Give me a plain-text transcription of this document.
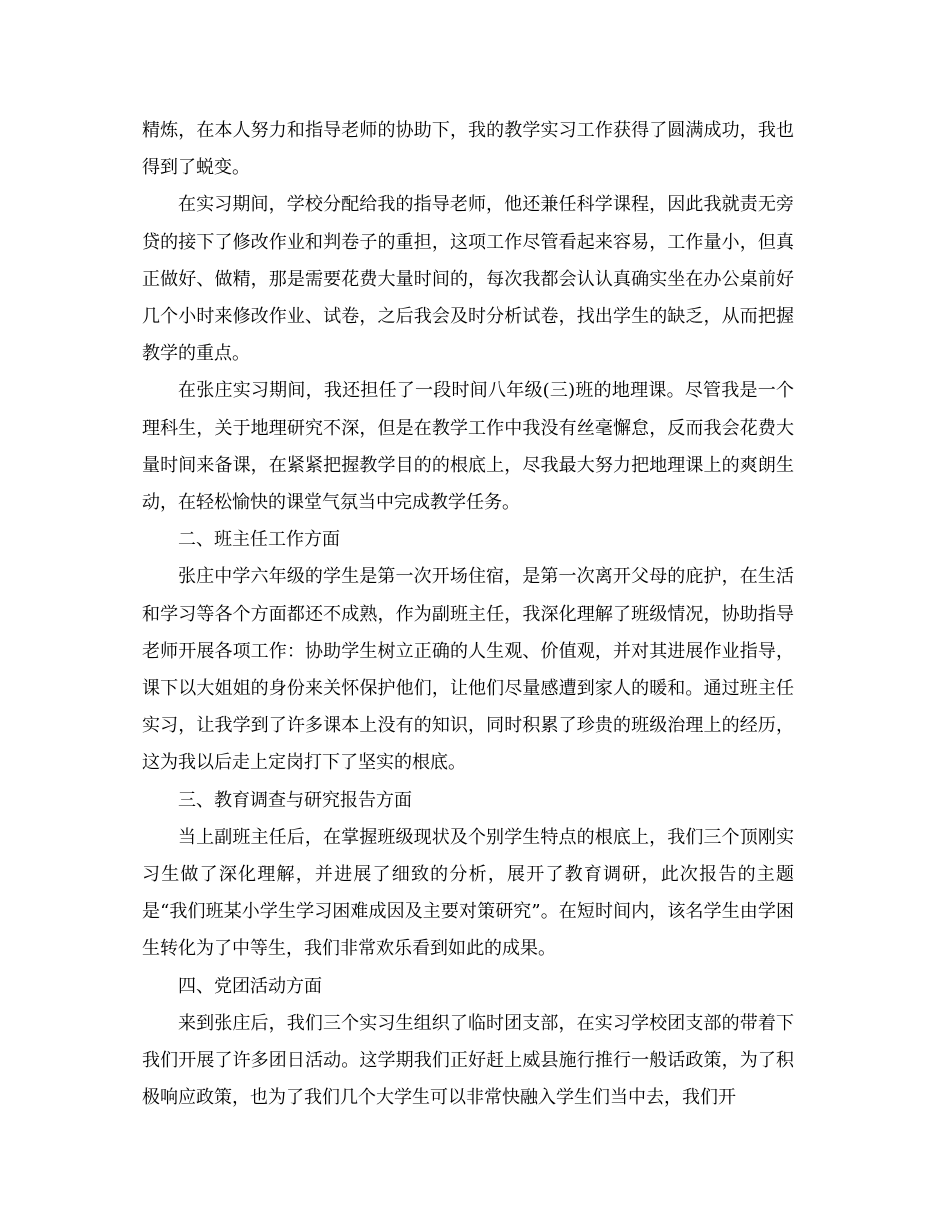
精炼，在本人努力和指导老师的协助下，我的教学实习工作获得了圆满成功，我也得到了蜕变。

在实习期间，学校分配给我的指导老师，他还兼任科学课程，因此我就责无旁贷的接下了修改作业和判卷子的重担，这项工作尽管看起来容易，工作量小，但真正做好、做精，那是需要花费大量时间的，每次我都会认认真确实坐在办公桌前好几个小时来修改作业、试卷，之后我会及时分析试卷，找出学生的缺乏，从而把握教学的重点。

在张庄实习期间，我还担任了一段时间八年级(三)班的地理课。尽管我是一个理科生，关于地理研究不深，但是在教学工作中我没有丝毫懈怠，反而我会花费大量时间来备课，在紧紧把握教学目的的根底上，尽我最大努力把地理课上的爽朗生动，在轻松愉快的课堂气氛当中完成教学任务。

二、班主任工作方面

张庄中学六年级的学生是第一次开场住宿，是第一次离开父母的庇护，在生活和学习等各个方面都还不成熟，作为副班主任，我深化理解了班级情况，协助指导老师开展各项工作：协助学生树立正确的人生观、价值观，并对其进展作业指导，课下以大姐姐的身份来关怀保护他们，让他们尽量感遭到家人的暖和。通过班主任实习，让我学到了许多课本上没有的知识，同时积累了珍贵的班级治理上的经历，这为我以后走上定岗打下了坚实的根底。

三、教育调查与研究报告方面

当上副班主任后，在掌握班级现状及个别学生特点的根底上，我们三个顶刚实习生做了深化理解，并进展了细致的分析，展开了教育调研，此次报告的主题是“我们班某小学生学习困难成因及主要对策研究”。在短时间内，该名学生由学困生转化为了中等生，我们非常欢乐看到如此的成果。

四、党团活动方面

来到张庄后，我们三个实习生组织了临时团支部，在实习学校团支部的带着下我们开展了许多团日活动。这学期我们正好赶上威县施行推行一般话政策，为了积极响应政策，也为了我们几个大学生可以非常快融入学生们当中去，我们开
